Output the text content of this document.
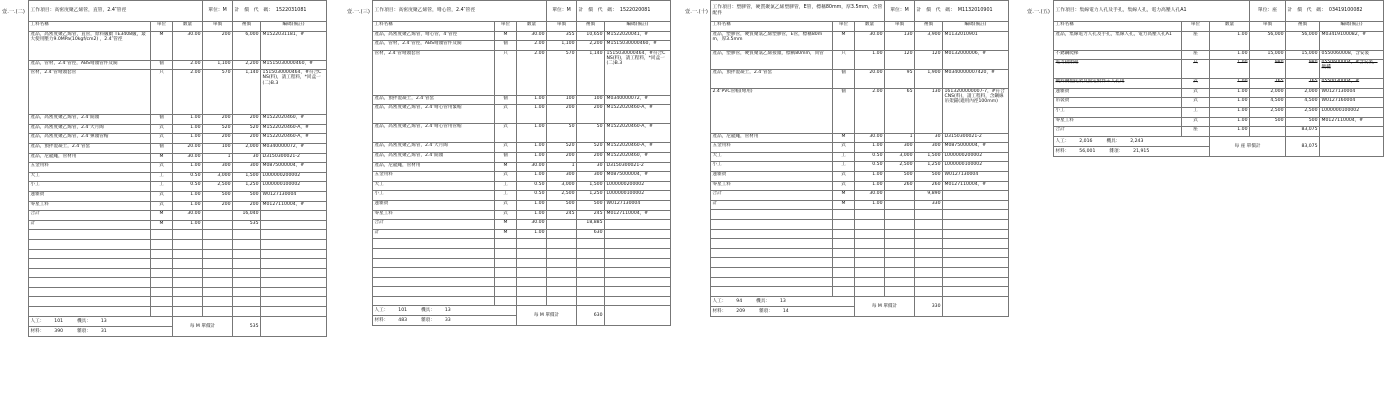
壹.一.(二) 工作項目：高密度聚乙烯管，直管，2.4″管徑			單位：M	計　價　代　碼： 1522031081	
工料名稱	單位	數量	單價	複價	編碼(備註)
產品，高密度聚乙烯管，直管，原料級數 TE3408級，最大使用壓力9.0MPa(10kgf/cm2) ，2.4″管徑	M	30.00	200	6,000	M1522031181，#
產品，管材，2.4″管徑，ABS彎頭管件及閥	個	2.00	1,100	2,200	M1515030000460，#
管材，2.4″管彎頭套管	只	2.00	570	1,140	1515030000464，#符合CNS(料)，請工程料，*同盒一(二)B.3
產品，高密度聚乙烯管，2.4″開頭	個	1.00	200	200	M1522020460，#
產品，高密度聚乙烯管，2.4″大月陶	式	1.00	520	520	M1522020460-A，#
產品，高密度聚乙烯管，2.4″彈頭管帽	式	1.00	200	200	M1522020460-A，#
產品，預拌混凝土，2.4″管套	個	20.00	100	2,000	M0340000072，#
產品，尼龍繩，管材用	M	30.00	1	30	D3150300021-2
五金用料	式	1.00	300	300	M0875000004，#
大工	工	0.50	3,000	1,500	L000000200002
小工	工	0.50	2,500	1,250	L000000100002
運雜費	式	1.00	500	500	W0127130004
零星工料	式	1.00	200	200	M0127110004，#
合計	M	30.00		16,040	
計	M	1.00		535	

人工： 101 機具： 13		每 M 單價計		535	
材料： 390 雜項： 31					
壹.一.(三) 工作項目：高密度聚乙烯管，彎心管，2.4″管徑			單位：M	計　價　代　碼： 1522020081	
工料名稱	單位	數量	單價	複價	編碼(備註)
產品，高密度聚乙烯管，彎心管，4″管徑	M	30.00	355	10,650	M1522020041，#
產品，管材，2.4″管徑，ABS彎頭管件及閥	個	2.00	1,100	2,200	M1515030000460，#
管材，2.4″管彎頭套管	只	2.00	570	1,140	1515030000464，#符合CNS(料)，請工程料，*同盒一(二)B.3
產品，預拌混凝土，2.4″管套	個	1.00	100	100	M0340000072，#
產品，高密度聚乙烯管，2.4″彎心管用緊帽	式	1.00	200	200	M1522020460-A，#
產品，高密度聚乙烯管，2.4″彎心管用管帽	式	1.00	50	50	M1522020460-A，#
產品，高密度聚乙烯管，2.4″大月陶	式	1.00	520	520	M1522020460-A，#
產品，高密度聚乙烯管，2.4″開頭	個	1.00	200	200	M1522020460，#
產品，尼龍繩，管材用	M	30.00	1	30	D3150300021-2
五金用料	式	1.00	300	300	M0875000004，#
大工	工	0.50	3,000	1,500	L000000200002
小工	工	0.50	2,500	1,250	L000000100002
運雜費	式	1.00	500	500	W0127130004
零星工料	式	1.00	245	245	M0127110004，#
合計	M	30.00		18,885	
計	M	1.00		630	

人工： 101 機具： 13		每 M 單價計		630	
材料： 483 雜項： 33					
壹.一.(十)
工作項目：塑膠管，硬質聚氯乙烯塑膠管，E管，標稱80mm，厚3.5mm，含管配件			單位：M	計　價　代　碼： M1132010901	
工料名稱	單位	數量	單價	複價	編碼(備註)
產品，塑膠管，硬質聚氯乙烯塑膠管，E管，標稱80mm，厚3.5mm	M	30.00	130	3,900	M1132010901
產品，塑膠管，硬質聚氯乙烯接頭，標稱80mm，同管	只	1.00	120	120	M0132000006，#
產品，預拌混凝土，2.4″管套	個	20.00	95	1,900	M0340000007420，#
2.4″PVC管帽(彎用)	個	2.00	65	130	1613200000007-7，#符合CNS(料)，請工程料，含鋼線吊架錨(適用內徑100mm)
產品，尼龍繩，管材用	M	30.00	1	30	D3150300021-2
五金用料	式	1.00	300	300	M0875000004，#
大工	工	0.50	3,000	1,500	L000000200002
小工	工	0.50	2,500	1,250	L000000100002
運雜費	式	1.00	500	500	W0127130004
零星工料	式	1.00	260	260	M0127110004，#
合計	M	30.00		9,890	
計	M	1.00		330	

人工： 94 機具： 13		每 M 單價計		330	
材料： 209 雜項： 14					
壹.一.(五) 工作項目：集線電力人孔及手孔，集線人孔，電力高壓人孔A1			單位：座	計　價　代　碼： 03419100082	
工料名稱	單位	數量	單價	複價	編碼(備註)
產品，集線電力人孔及手孔，集線人孔，電力高壓人孔A1	座	1.00	56,000	56,000	M03419100082，#
不銹鋼爬梯	座	1.00	15,000	15,000	0550060008，含安裝
電力接頭箱	只	1.00	980	980	0550600004，#含安裝，鍍種
鍍鋅鋼製托架及固定附件＋人孔用	式	1.00	765	765	0550030004，#
運雜費	式	1.00	2,000	2,000	W0127130004
吊裝費	式	1.00	4,500	4,500	W0127160004
小工	工	1.00	2,500	2,500	L000000100002
零星工料	式	1.00	500	500	M0127110004，#
合計	座	1.00		83,075	
人工： 2,016 機具： 2,243		每 座 單價計		83,075	
材料： 56,001 雜項： 21,915					
